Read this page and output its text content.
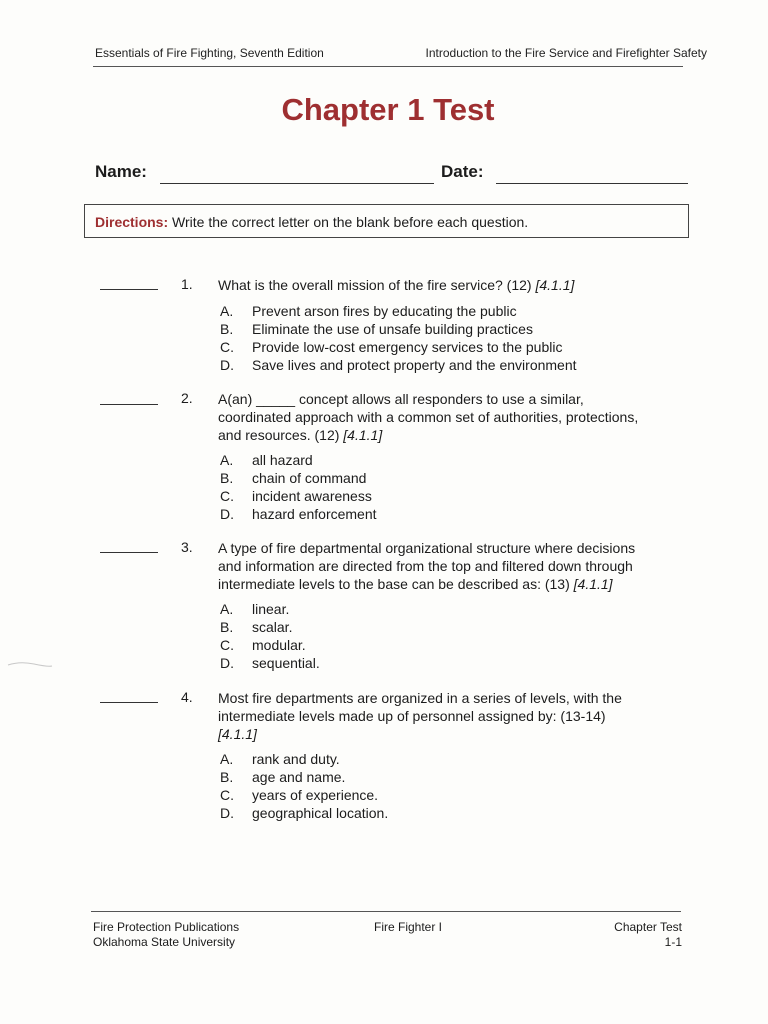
Essentials of Fire Fighting, Seventh Edition	Introduction to the Fire Service and Firefighter Safety
Chapter 1 Test
Name:	Date:
Directions: Write the correct letter on the blank before each question.
1. What is the overall mission of the fire service? (12) [4.1.1]
A. Prevent arson fires by educating the public
B. Eliminate the use of unsafe building practices
C. Provide low-cost emergency services to the public
D. Save lives and protect property and the environment
2. A(an) _____ concept allows all responders to use a similar,
coordinated approach with a common set of authorities, protections,
and resources. (12) [4.1.1]
A. all hazard
B. chain of command
C. incident awareness
D. hazard enforcement
3. A type of fire departmental organizational structure where decisions
and information are directed from the top and filtered down through
intermediate levels to the base can be described as: (13) [4.1.1]
A. linear.
B. scalar.
C. modular.
D. sequential.
4. Most fire departments are organized in a series of levels, with the
intermediate levels made up of personnel assigned by: (13-14)
[4.1.1]
A. rank and duty.
B. age and name.
C. years of experience.
D. geographical location.
Fire Protection Publications
Oklahoma State University
Fire Fighter I	Chapter Test
1-1
